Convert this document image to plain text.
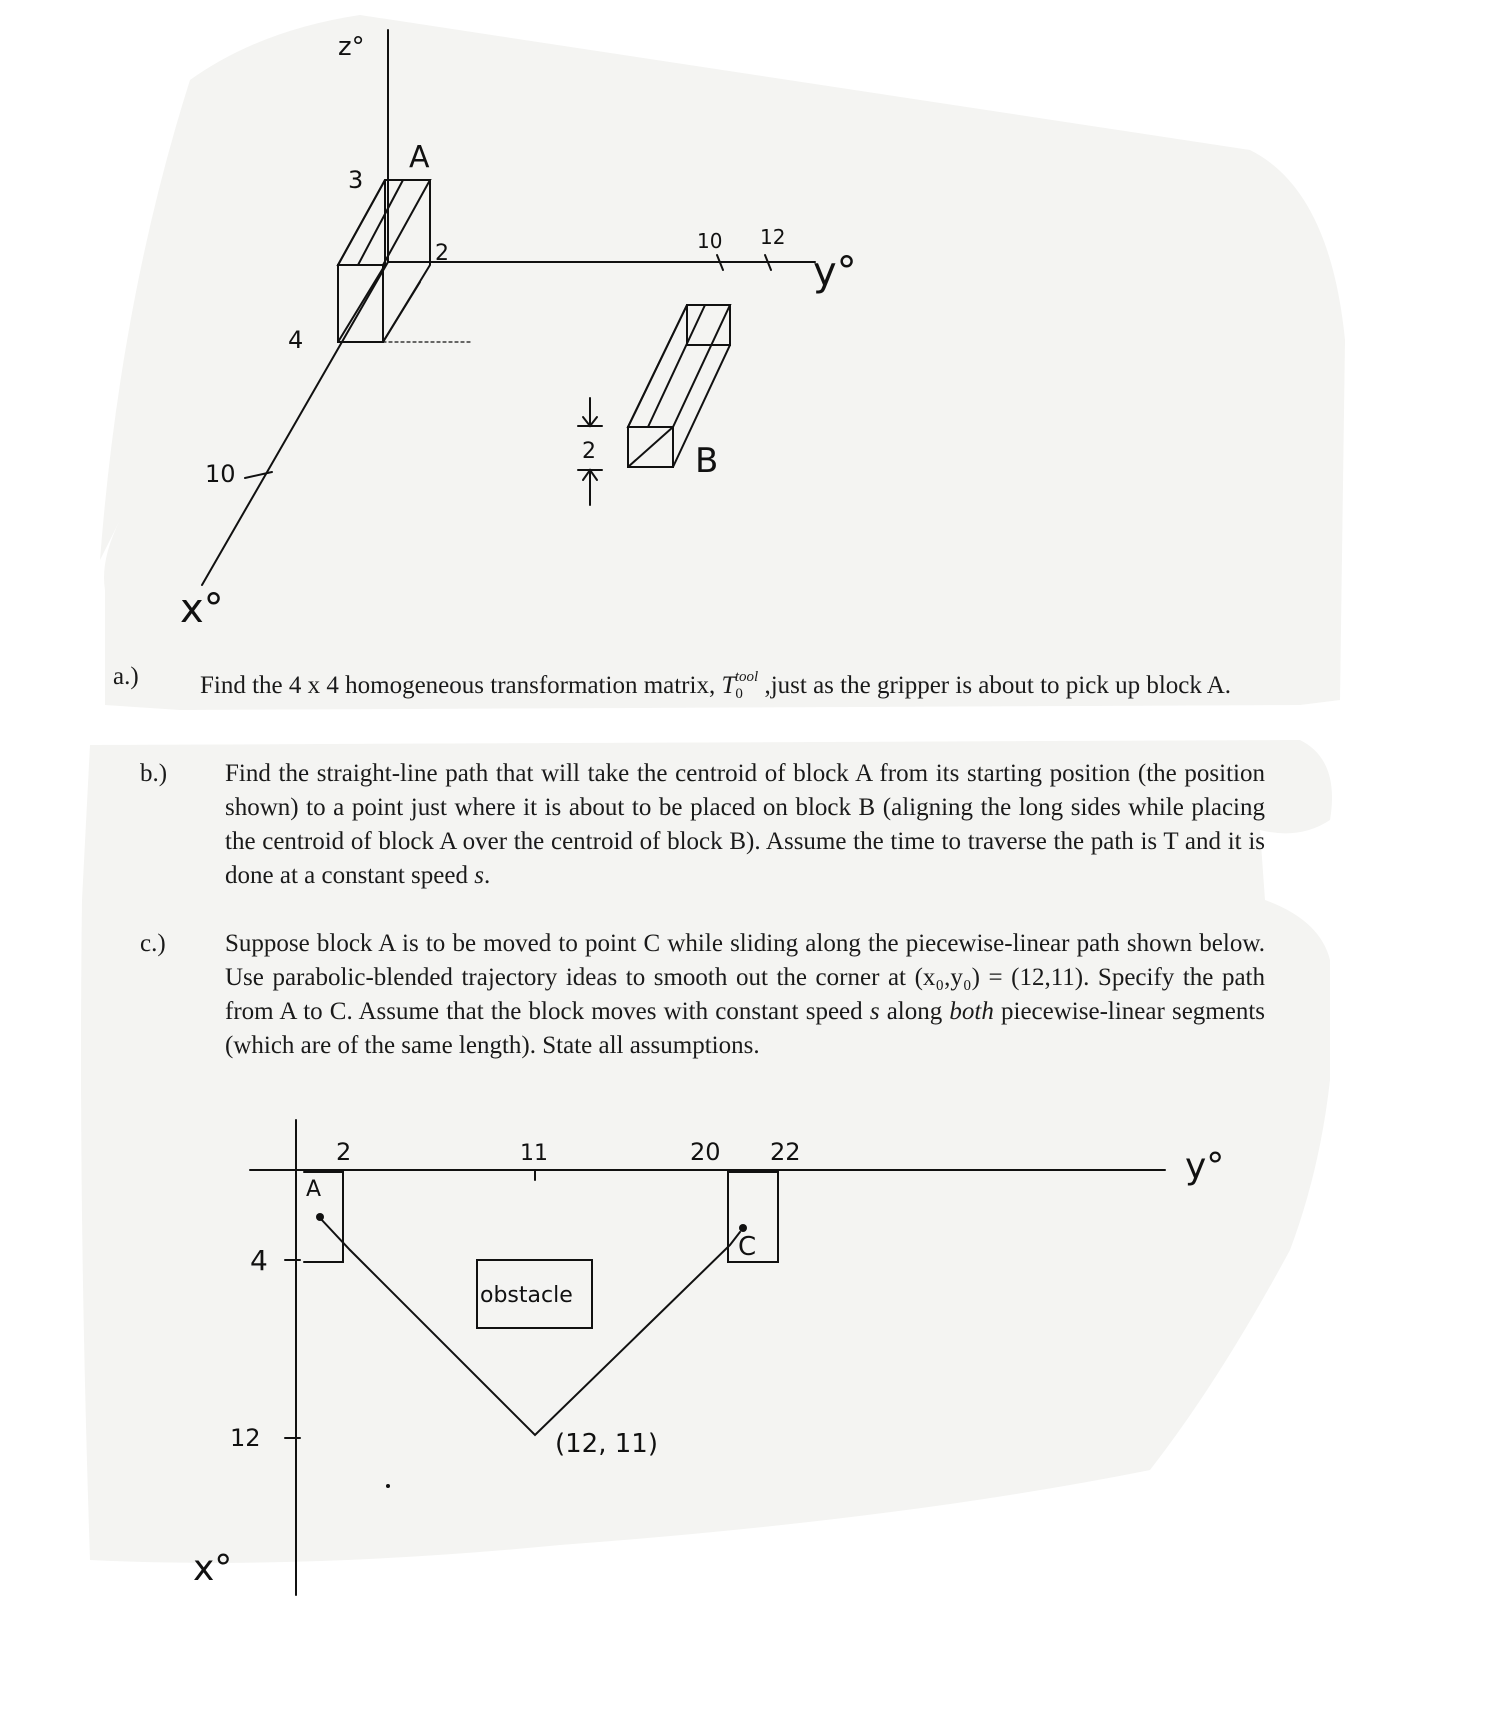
z°
y°
x°
3
2
4
10
10 12
2
A
B
a.) Find the 4 x 4 homogeneous transformation matrix, $T_0^{tool}$ ,just as the gripper is about to pick up block A.
b.) Find the straight-line path that will take the centroid of block A from its starting position (the position shown) to a point just where it is about to be placed on block B (aligning the long sides while placing the centroid of block A over the centroid of block B). Assume the time to traverse the path is T and it is done at a constant speed s.
c.) Suppose block A is to be moved to point C while sliding along the piecewise-linear path shown below. Use parabolic-blended trajectory ideas to smooth out the corner at (x₀,y₀) = (12,11). Specify the path from A to C. Assume that the block moves with constant speed s along both piecewise-linear segments (which are of the same length). State all assumptions.
y°
x°
2	11	20 22
4
12
A
C
obstacle
(12, 11)
